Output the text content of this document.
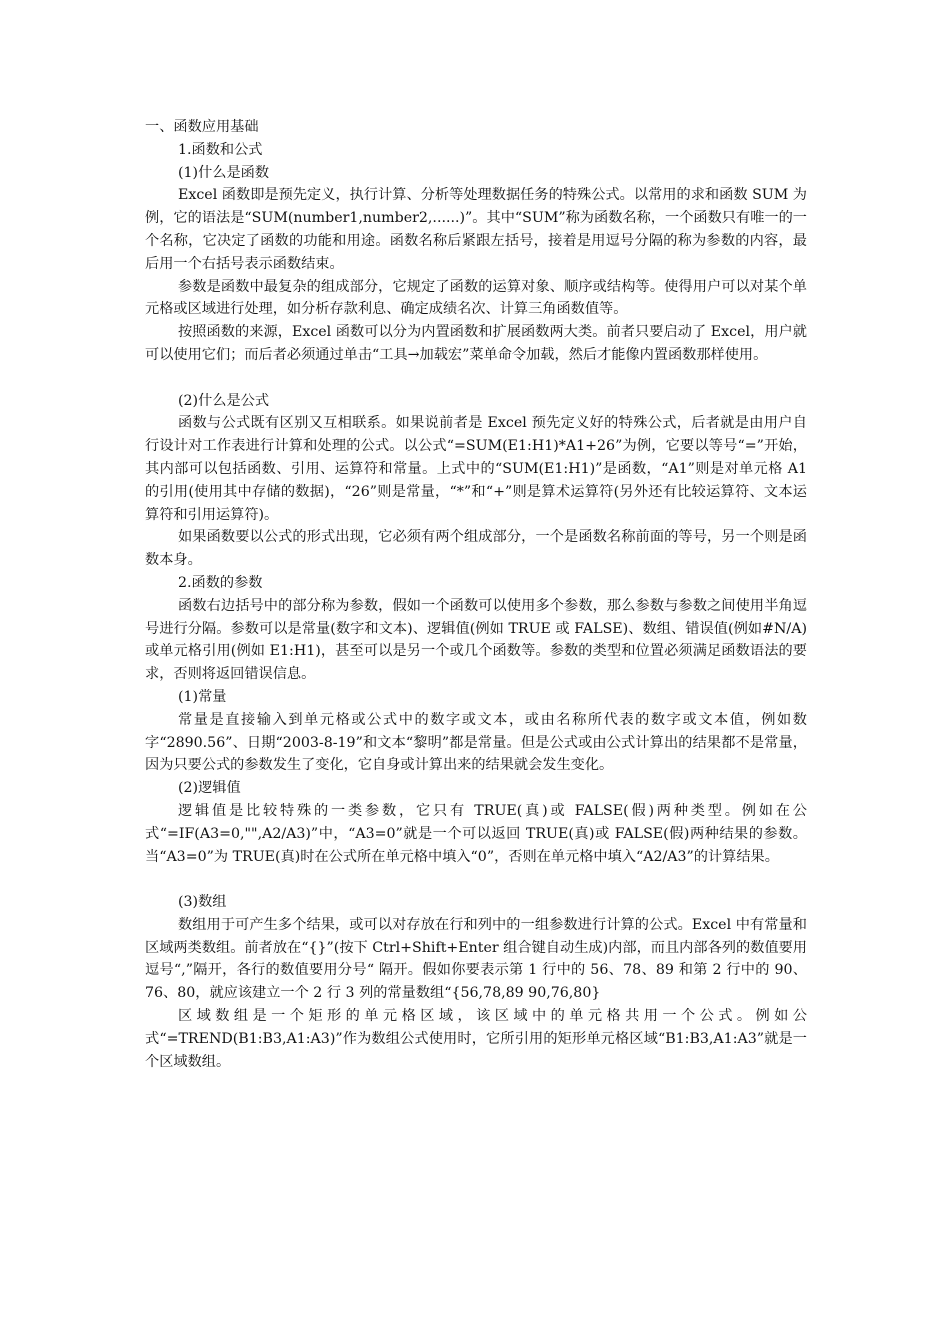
一、函数应用基础

1.函数和公式

(1)什么是函数

Excel 函数即是预先定义，执行计算、分析等处理数据任务的特殊公式。以常用的求和函数 SUM 为例，它的语法是“SUM(number1,number2,......)”。其中“SUM”称为函数名称，一个函数只有唯一的一个名称，它决定了函数的功能和用途。函数名称后紧跟左括号，接着是用逗号分隔的称为参数的内容，最后用一个右括号表示函数结束。

参数是函数中最复杂的组成部分，它规定了函数的运算对象、顺序或结构等。使得用户可以对某个单元格或区域进行处理，如分析存款利息、确定成绩名次、计算三角函数值等。

按照函数的来源，Excel 函数可以分为内置函数和扩展函数两大类。前者只要启动了 Excel，用户就可以使用它们；而后者必须通过单击“工具→加载宏”菜单命令加载，然后才能像内置函数那样使用。

(2)什么是公式

函数与公式既有区别又互相联系。如果说前者是 Excel 预先定义好的特殊公式，后者就是由用户自行设计对工作表进行计算和处理的公式。以公式“=SUM(E1:H1)*A1+26”为例，它要以等号“=”开始，其内部可以包括函数、引用、运算符和常量。上式中的“SUM(E1:H1)”是函数，“A1”则是对单元格 A1 的引用(使用其中存储的数据)，“26”则是常量，“*”和“+”则是算术运算符(另外还有比较运算符、文本运算符和引用运算符)。

如果函数要以公式的形式出现，它必须有两个组成部分，一个是函数名称前面的等号，另一个则是函数本身。

2.函数的参数

函数右边括号中的部分称为参数，假如一个函数可以使用多个参数，那么参数与参数之间使用半角逗号进行分隔。参数可以是常量(数字和文本)、逻辑值(例如 TRUE 或 FALSE)、数组、错误值(例如#N/A)或单元格引用(例如 E1:H1)，甚至可以是另一个或几个函数等。参数的类型和位置必须满足函数语法的要求，否则将返回错误信息。

(1)常量

常量是直接输入到单元格或公式中的数字或文本，或由名称所代表的数字或文本值，例如数字“2890.56”、日期“2003-8-19”和文本“黎明”都是常量。但是公式或由公式计算出的结果都不是常量，因为只要公式的参数发生了变化，它自身或计算出来的结果就会发生变化。

(2)逻辑值

逻辑值是比较特殊的一类参数，它只有 TRUE(真)或 FALSE(假)两种类型。例如在公式“=IF(A3=0,"",A2/A3)”中，“A3=0”就是一个可以返回 TRUE(真)或 FALSE(假)两种结果的参数。当“A3=0”为 TRUE(真)时在公式所在单元格中填入“0”，否则在单元格中填入“A2/A3”的计算结果。

(3)数组

数组用于可产生多个结果，或可以对存放在行和列中的一组参数进行计算的公式。Excel 中有常量和区域两类数组。前者放在“{}”(按下 Ctrl+Shift+Enter 组合键自动生成)内部，而且内部各列的数值要用逗号“,”隔开，各行的数值要用分号“ 隔开。假如你要表示第 1 行中的 56、78、89 和第 2 行中的 90、76、80，就应该建立一个 2 行 3 列的常量数组“{56,78,89 90,76,80}

区域数组是一个矩形的单元格区域，该区域中的单元格共用一个公式。例如公式“=TREND(B1:B3,A1:A3)”作为数组公式使用时，它所引用的矩形单元格区域“B1:B3,A1:A3”就是一个区域数组。
